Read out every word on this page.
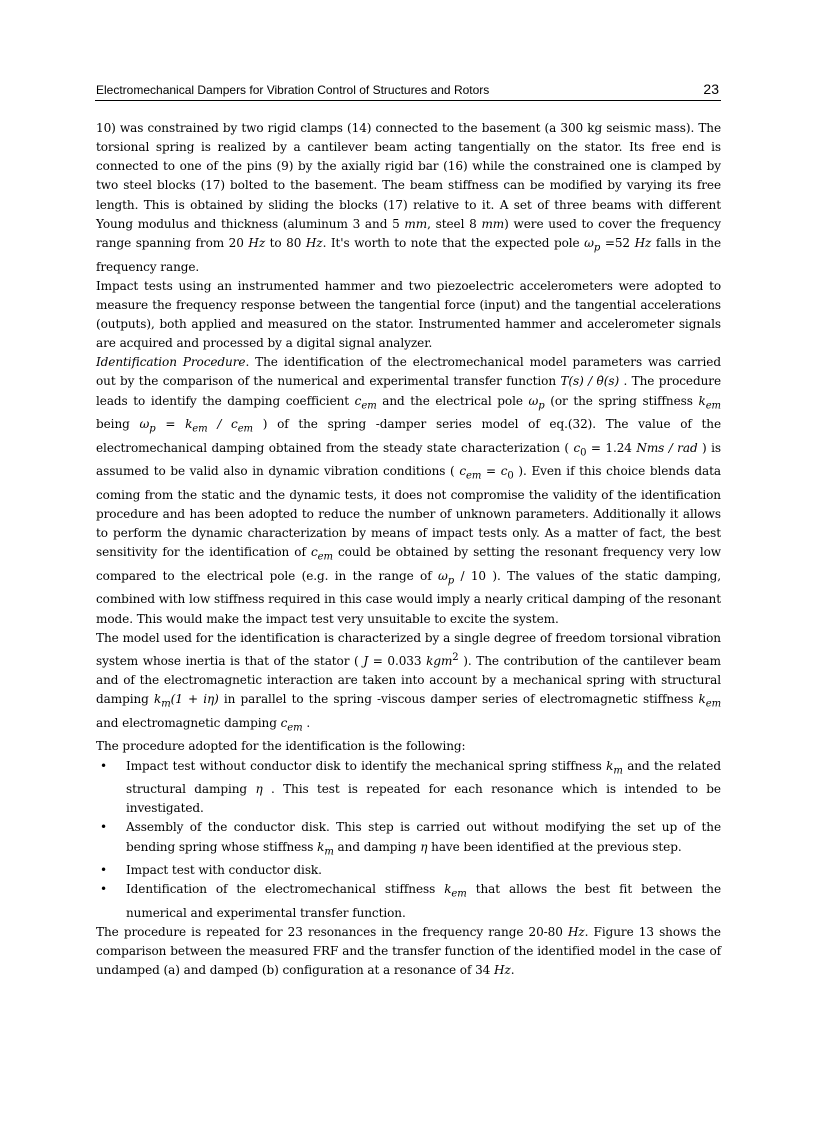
Electromechanical Dampers for Vibration Control of Structures and Rotors	23

10) was constrained by two rigid clamps (14) connected to the basement (a 300 kg seismic mass). The torsional spring is realized by a cantilever beam acting tangentially on the stator. Its free end is connected to one of the pins (9) by the axially rigid bar (16) while the constrained one is clamped by two steel blocks (17) bolted to the basement. The beam stiffness can be modified by varying its free length. This is obtained by sliding the blocks (17) relative to it. A set of three beams with different Young modulus and thickness (aluminum 3 and 5 mm, steel 8 mm) were used to cover the frequency range spanning from 20 Hz to 80 Hz. It's worth to note that the expected pole $\omega_p =52$ Hz falls in the frequency range.

Impact tests using an instrumented hammer and two piezoelectric accelerometers were adopted to measure the frequency response between the tangential force (input) and the tangential accelerations (outputs), both applied and measured on the stator. Instrumented hammer and accelerometer signals are acquired and processed by a digital signal analyzer.

Identification Procedure. The identification of the electromechanical model parameters was carried out by the comparison of the numerical and experimental transfer function T(s) / θ̇(s) . The procedure leads to identify the damping coefficient $c_{em}$ and the electrical pole $\omega_p$ (or the spring stiffness $k_{em}$ being $\omega_p = k_{em} / c_{em}$ ) of the spring -damper series model of eq.(32). The value of the electromechanical damping obtained from the steady state characterization ( $c_0 = 1.24$ Nms / rad ) is assumed to be valid also in dynamic vibration conditions ( $c_{em} = c_0$ ). Even if this choice blends data coming from the static and the dynamic tests, it does not compromise the validity of the identification procedure and has been adopted to reduce the number of unknown parameters. Additionally it allows to perform the dynamic characterization by means of impact tests only. As a matter of fact, the best sensitivity for the identification of $c_{em}$ could be obtained by setting the resonant frequency very low compared to the electrical pole (e.g. in the range of $\omega_p / 10$ ). The values of the static damping, combined with low stiffness required in this case would imply a nearly critical damping of the resonant mode. This would make the impact test very unsuitable to excite the system.

The model used for the identification is characterized by a single degree of freedom torsional vibration system whose inertia is that of the stator ( J = 0.033 kgm$^2$ ). The contribution of the cantilever beam and of the electromagnetic interaction are taken into account by a mechanical spring with structural damping $k_m(1 + i\eta)$ in parallel to the spring -viscous damper series of electromagnetic stiffness $k_{em}$ and electromagnetic damping $c_{em}$ .

The procedure adopted for the identification is the following:

• Impact test without conductor disk to identify the mechanical spring stiffness $k_m$ and the related structural damping η . This test is repeated for each resonance which is intended to be investigated.
• Assembly of the conductor disk. This step is carried out without modifying the set up of the bending spring whose stiffness $k_m$ and damping η have been identified at the previous step.
• Impact test with conductor disk.
• Identification of the electromechanical stiffness $k_{em}$ that allows the best fit between the numerical and experimental transfer function.

The procedure is repeated for 23 resonances in the frequency range 20-80 Hz. Figure 13 shows the comparison between the measured FRF and the transfer function of the identified model in the case of undamped (a) and damped (b) configuration at a resonance of 34 Hz.
